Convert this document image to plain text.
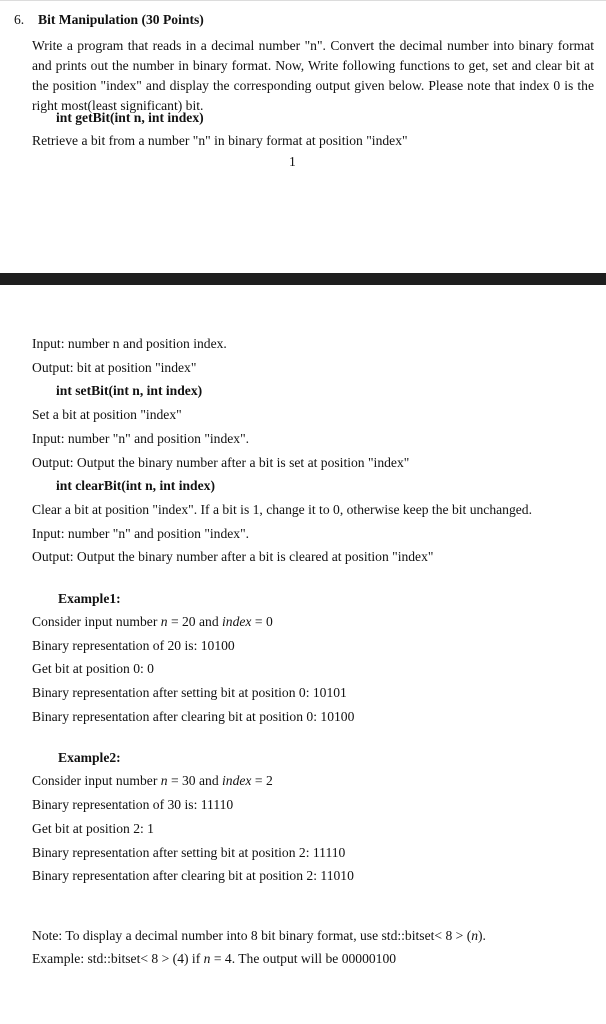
6. Bit Manipulation (30 Points)
Write a program that reads in a decimal number "n". Convert the decimal number into binary format and prints out the number in binary format. Now, Write following functions to get, set and clear bit at the position "index" and display the corresponding output given below. Please note that index 0 is the right most(least significant) bit.
int getBit(int n, int index)
Retrieve a bit from a number "n" in binary format at position "index"
1
Input: number n and position index.
Output: bit at position "index"
int setBit(int n, int index)
Set a bit at position "index"
Input: number "n" and position "index".
Output: Output the binary number after a bit is set at position "index"
int clearBit(int n, int index)
Clear a bit at position "index". If a bit is 1, change it to 0, otherwise keep the bit unchanged.
Input: number "n" and position "index".
Output: Output the binary number after a bit is cleared at position "index"
Example1:
Consider input number n = 20 and index = 0
Binary representation of 20 is: 10100
Get bit at position 0: 0
Binary representation after setting bit at position 0: 10101
Binary representation after clearing bit at position 0: 10100
Example2:
Consider input number n = 30 and index = 2
Binary representation of 30 is: 11110
Get bit at position 2: 1
Binary representation after setting bit at position 2: 11110
Binary representation after clearing bit at position 2: 11010
Note: To display a decimal number into 8 bit binary format, use std::bitset< 8 > (n).
Example: std::bitset< 8 > (4) if n = 4. The output will be 00000100
